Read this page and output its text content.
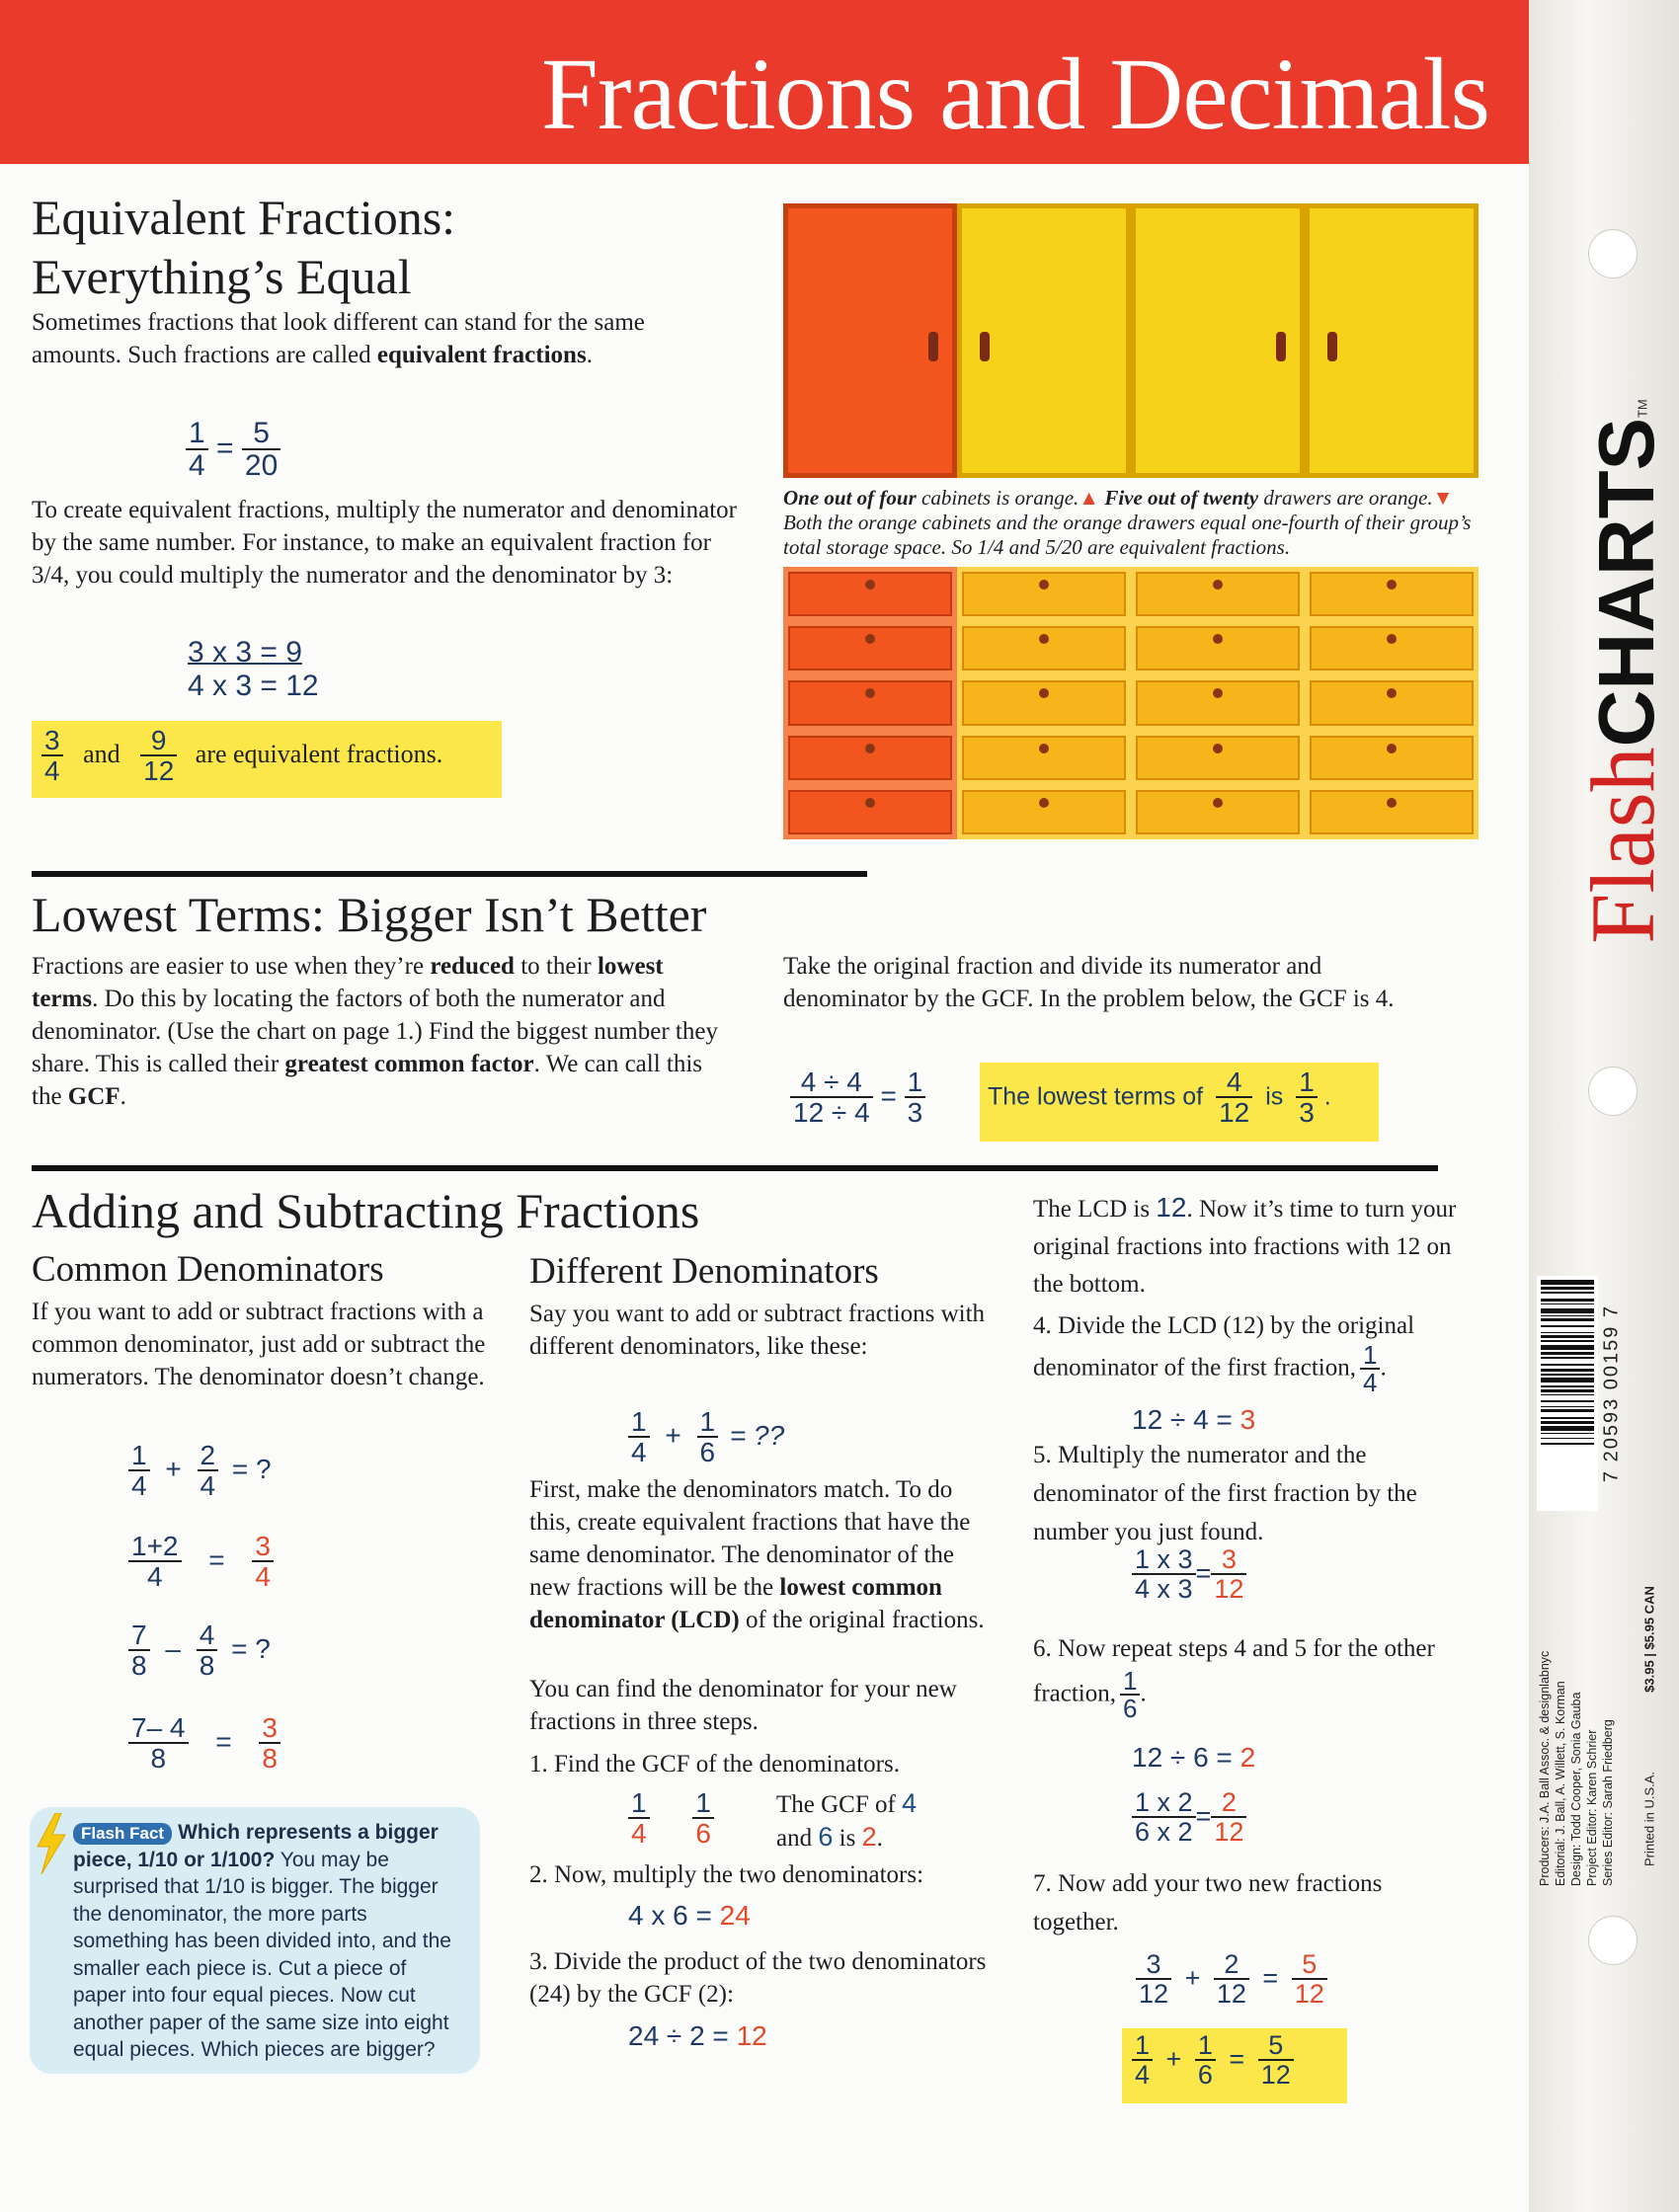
Fractions and Decimals
Equivalent Fractions:
Everything’s Equal
Sometimes fractions that look different can stand for the same amounts. Such fractions are called equivalent fractions.
$\frac{1}{4} = \frac{5}{20}$
To create equivalent fractions, multiply the numerator and denominator by the same number. For instance, to make an equivalent fraction for 3/4, you could multiply the numerator and the denominator by 3:
3 x 3 = 9
4 x 3 = 12
$\frac{3}{4}$ and $\frac{9}{12}$ are equivalent fractions.
One out of four cabinets is orange.▲ Five out of twenty drawers are orange.▼ Both the orange cabinets and the orange drawers equal one-fourth of their group’s total storage space. So 1/4 and 5/20 are equivalent fractions.
Lowest Terms: Bigger Isn’t Better
Fractions are easier to use when they’re reduced to their lowest terms. Do this by locating the factors of both the numerator and denominator. (Use the chart on page 1.) Find the biggest number they share. This is called their greatest common factor. We can call this the GCF.
Take the original fraction and divide its numerator and denominator by the GCF. In the problem below, the GCF is 4.
$\frac{4 \div 4}{12 \div 4} = \frac{1}{3}$	The lowest terms of $\frac{4}{12}$ is $\frac{1}{3}$ .
Adding and Subtracting Fractions
Common Denominators
If you want to add or subtract fractions with a common denominator, just add or subtract the numerators. The denominator doesn’t change.
$\frac{1}{4} + \frac{2}{4}$ = ?
$\frac{1+2}{4} = \frac{3}{4}$
$\frac{7}{8} - \frac{4}{8}$ = ?
$\frac{7- 4}{8} = \frac{3}{8}$
Flash Fact Which represents a bigger piece, 1/10 or 1/100? You may be surprised that 1/10 is bigger. The bigger the denominator, the more parts something has been divided into, and the smaller each piece is. Cut a piece of paper into four equal pieces. Now cut another paper of the same size into eight equal pieces. Which pieces are bigger?
Different Denominators
Say you want to add or subtract fractions with different denominators, like these:
$\frac{1}{4} + \frac{1}{6}$ = ??
First, make the denominators match. To do this, create equivalent fractions that have the same denominator. The denominator of the new fractions will be the lowest common denominator (LCD) of the original fractions.
You can find the denominator for your new fractions in three steps.
1. Find the GCF of the denominators.
$\frac{1}{4}$
$\frac{1}{6}$	The GCF of 4
and 6 is 2.
2. Now, multiply the two denominators:
4 x 6 = 24
3. Divide the product of the two denominators (24) by the GCF (2):
24 ÷ 2 = 12
The LCD is 12. Now it’s time to turn your original fractions into fractions with 12 on the bottom.
4. Divide the LCD (12) by the original denominator of the first fraction, $\frac{1}{4}$ .
12 ÷ 4 = 3
5. Multiply the numerator and the denominator of the first fraction by the number you just found.
$\frac{1 x 3}{4 x 3} = \frac{3}{12}$
6. Now repeat steps 4 and 5 for the other fraction, $\frac{1}{6}$ .
12 ÷ 6 = 2
$\frac{1 x 2}{6 x 2} = \frac{2}{12}$
7. Now add your two new fractions together.
$\frac{3}{12} + \frac{2}{12} = \frac{5}{12}$
$\frac{1}{4} + \frac{1}{6} = \frac{5}{12}$
FlashCHARTS™
7 20593 00159 7
Producers: J.A. Ball Assoc. & designlabnyc Editorial: J. Ball, A. Willett, S. Korman Design: Todd Cooper, Sonia Gauba Project Editor: Karen Schrier Series Editor: Sarah Friedberg
$3.95 | $5.95 CAN
Printed in U.S.A.
